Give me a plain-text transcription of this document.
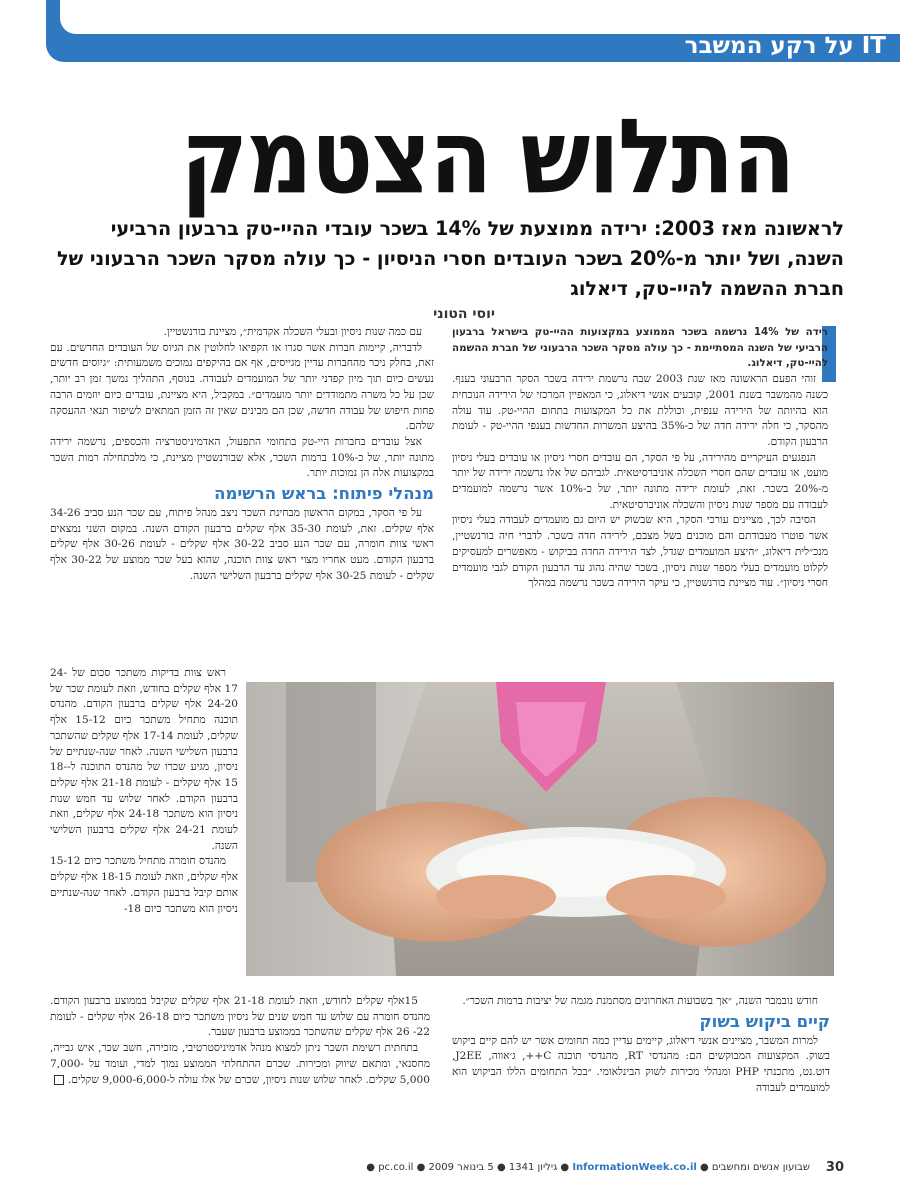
IT על רקע המשבר
התלוש הצטמק
לראשונה מאז 2003: ירידה ממוצעת של 14% בשכר עובדי ההיי-טק ברבעון הרביעי השנה, ושל יותר מ-20% בשכר העובדים חסרי הניסיון - כך עולה מסקר השכר הרבעוני של חברת ההשמה להיי-טק, דיאלוג
יוסי הטוני

רידה של 14% נרשמה בשכר הממוצע במקצועות ההיי-טק בישראל ברבעון הרביעי של השנה המסתיימת - כך עולה מסקר השכר הרבעוני של חברת ההשמה להיי-טק, דיאלוג.

זוהי הפעם הראשונה מאז שנת 2003 שבה נרשמת ירידה בשכר הסקר הרבעוני בענף. כשנה מהמשבר בשנת 2001, קובעים אנשי דיאלוג, כי המאפיין המרכזי של הירידה הנוכחית הוא בהיותה של הירידה ענפית, וכוללת את כל המקצועות בתחום ההיי-טק. עוד עולה מהסקר, כי חלה ירידה חדה של כ-35% בהיצע המשרות החדשות בענפי ההיי-טק - לעומת הרבעון הקודם.

הנפגעים העיקריים מהירידה, על פי הסקר, הם עובדים חסרי ניסיון או עובדים בעלי ניסיון מועט, או עובדים שהם חסרי השכלה אוניברסיטאית. לגביהם של אלו נרשמה ירידה של יותר מ-20% בשכר. זאת, לעומת ירידה מתונה יותר, של כ-10% אשר נרשמה למועמדים לעבודה עם מספר שנות ניסיון והשכלה אוניברסיטאית.

הסיבה לכך, מציינים עורכי הסקר, היא שבשוק יש היום גם מועמדים לעבודה בעלי ניסיון אשר פוטרו מעבודתם והם מוכנים בשל מצבם, לירידה חדה בשכר. לדברי חיה בורנשטיין, מנכ״לית דיאלוג, ״היצע המועמדים שגדל, לצד הירידה החדה בביקוש - מאפשרים למעסיקים לקלוט מועמדים בעלי מספר שנות ניסיון, בשכר שהיה נהוג עד הרבעון הקודם לגבי מועמדים חסרי ניסיון״. עוד מציינת בורנשטיין, כי עיקר הירידה בשכר נרשמה במהלך

עם כמה שנות ניסיון ובעלי השכלה אקדמית״, מציינת בורנשטיין.

לדבריה, קיימות חברות אשר סגרו או הקפיאו לחלוטין את הגיוס של העובדים החדשים. עם זאת, בחלק ניכר מהחברות עדיין מגייסים, אף אם בהיקפים נמוכים משמעותית: ״גיוסים חדשים נעשים כיום תוך מיון קפדני יותר של המועמדים לעבודה. בנוסף, התהליך נמשך זמן רב יותר, שכן על כל משרה מתמודדים יותר מועמדים״. במקביל, היא מציינת, עובדים כיום יוזמים הרבה פחות חיפוש של עבודה חדשה, שכן הם מבינים שאין זה הזמן המתאים לשיפור תנאי ההעסקה שלהם.

אצל עובדים בחברות היי-טק בתחומי התפעול, האדמיניסטרציה והכספים, נרשמה ירידה מתונה יותר, של כ-10% ברמות השכר, אלא שבורנשטיין מציינת, כי מלכתחילה רמות השכר במקצועות אלה הן נמוכות יותר.

מנהלי פיתוח: בראש הרשימה

על פי הסקר, במקום הראשון מבחינת השכר ניצב מנהל פיתוח, עם שכר הנע סביב 34-26 אלף שקלים. זאת, לעומת 35-30 אלף שקלים ברבעון הקודם השנה. במקום השני נמצאים ראשי צוות חומרה, עם שכר הנע סביב 30-22 אלף שקלים - לעומת 30-26 אלף שקלים ברבעון הקודם. מעט אחריו מצוי ראש צוות תוכנה, שהוא בעל שכר ממוצע של 30-22 אלף שקלים - לעומת 30-25 אלף שקלים ברבעון השלישי השנה.

ראש צוות בדיקות משתכר סכום של 24-17 אלף שקלים בחודש, וזאת לעומת שכר של 24-20 אלף שקלים ברבעון הקודם. מהנדס תוכנה מתחיל משתכר כיום 15-12 אלף שקלים, לעומת 17-14 אלף שקלים שהשתכר ברבעון השלישי השנה. לאחר שנה-שנתיים של ניסיון, מגיע שכרו של מהנדס התוכנה ל-18-15 אלף שקלים - לעומת 21-18 אלף שקלים ברבעון הקודם. לאחר שלוש עד חמש שנות ניסיון הוא משתכר 24-18 אלף שקלים, וזאת לעומת 24-21 אלף שקלים ברבעון השלישי השנה.

מהנדס חומרה מתחיל משתכר כיום 15-12 אלף שקלים, וזאת לעומת 18-15 אלף שקלים אותם קיבל ברבעון הקודם. לאחר שנה-שנתיים ניסיון הוא משתכר כיום 18-

15אלף שקלים לחודש, וזאת לעומת 21-18 אלף שקלים שקיבל בממוצע ברבעון הקודם. מהנדס חומרה עם שלוש עד חמש שנים של ניסיון משתכר כיום 26-18 אלף שקלים - לעומת 22- 26 אלף שקלים שהשתכר בממוצע ברבעון שעבר.

בתחתית רשימת השכר ניתן למצוא מנהל אדמיניסטרטיבי, מזכירה, חשב שכר, איש גבייה, מחסנאי, ומתאם שיווק ומכירות. שכרם ההתחלתי הממוצע נמוך למדי, ועומד על 7,000-5,000 שקלים. לאחר שלוש שנות ניסיון, שכרם של אלו עולה ל-9,000-6,000 שקלים.

חודש נובמבר השנה, ״אך בשבועות האחרונים מסתמנת מגמה של יציבות ברמות השכר״.

קיים ביקוש בשוק

למרות המשבר, מציינים אנשי דיאלוג, קיימים עדיין כמה תחומים אשר יש להם קיים ביקוש בשוק. המקצועות המבוקשים הם: מהנדסי RT, מהנדסי תוכנה C++, ג׳אווה, J2EE, דוט.נט, מתכנתי PHP ומנהלי מכירות לשוק הבינלאומי. ״בכל התחומים הללו הביקוש הוא למועמדים לעבודה

30
שבועון אנשים ומחשבים ● InformationWeek.co.il ● גיליון 1341 ● 5 בינואר 2009 ● pc.co.il ●
